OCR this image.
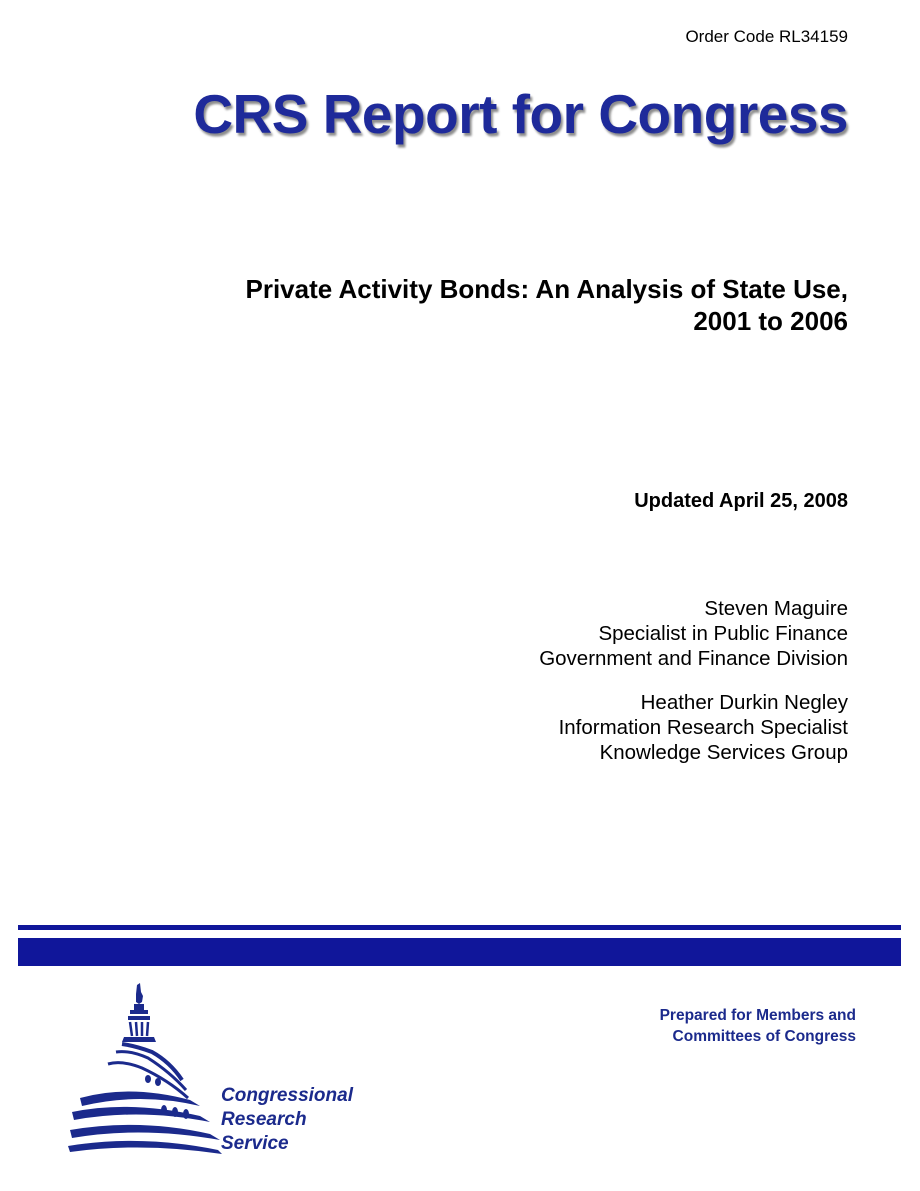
Order Code RL34159
CRS Report for Congress
Private Activity Bonds: An Analysis of State Use,
2001 to 2006
Updated April 25, 2008
Steven Maguire
Specialist in Public Finance
Government and Finance Division
Heather Durkin Negley
Information Research Specialist
Knowledge Services Group
Prepared for Members and
Committees of Congress
Congressional
Research
Service
